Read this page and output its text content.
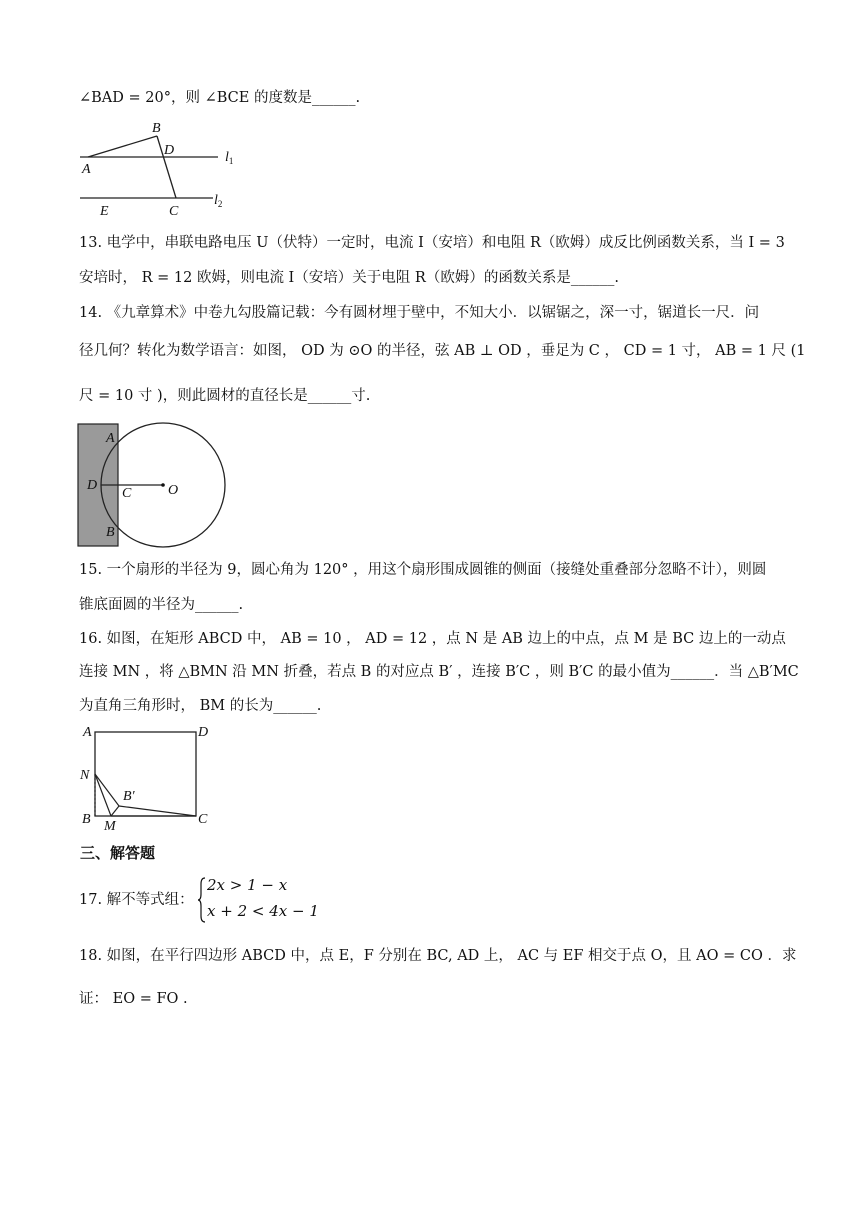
∠BAD = 20°，则 ∠BCE 的度数是______.
B
D
A
$l_1$
E	C
$l_2$
13. 电学中，串联电路电压 U（伏特）一定时，电流 I（安培）和电阻 R（欧姆）成反比例函数关系，当 I = 3
安培时， R = 12 欧姆，则电流 I（安培）关于电阻 R（欧姆）的函数关系是______.
14. 《九章算术》中卷九勾股篇记载：今有圆材埋于壁中，不知大小．以锯锯之，深一寸，锯道长一尺．问
径几何？转化为数学语言：如图， OD 为 ⊙O 的半径，弦 AB ⊥ OD ，垂足为 C ， CD = 1 寸， AB = 1 尺 (1
尺 = 10 寸 )，则此圆材的直径长是______寸.
A
D
C	O
B
15. 一个扇形的半径为 9，圆心角为 120° ，用这个扇形围成圆锥的侧面（接缝处重叠部分忽略不计），则圆
锥底面圆的半径为______.
16. 如图，在矩形 ABCD 中， AB = 10 ， AD = 12 ，点 N 是 AB 边上的中点，点 M 是 BC 边上的一动点
连接 MN ，将 △BMN 沿 MN 折叠，若点 B 的对应点 B′ ，连接 B′C ，则 B′C 的最小值为______．当 △B′MC
为直角三角形时， BM 的长为______.
A	D
N
B′
B M	C
三、解答题
17. 解不等式组：
2x > 1 − x
x + 2 < 4x − 1
18. 如图，在平行四边形 ABCD 中，点 E，F 分别在 BC, AD 上， AC 与 EF 相交于点 O，且 AO = CO ．求
证： EO = FO .
